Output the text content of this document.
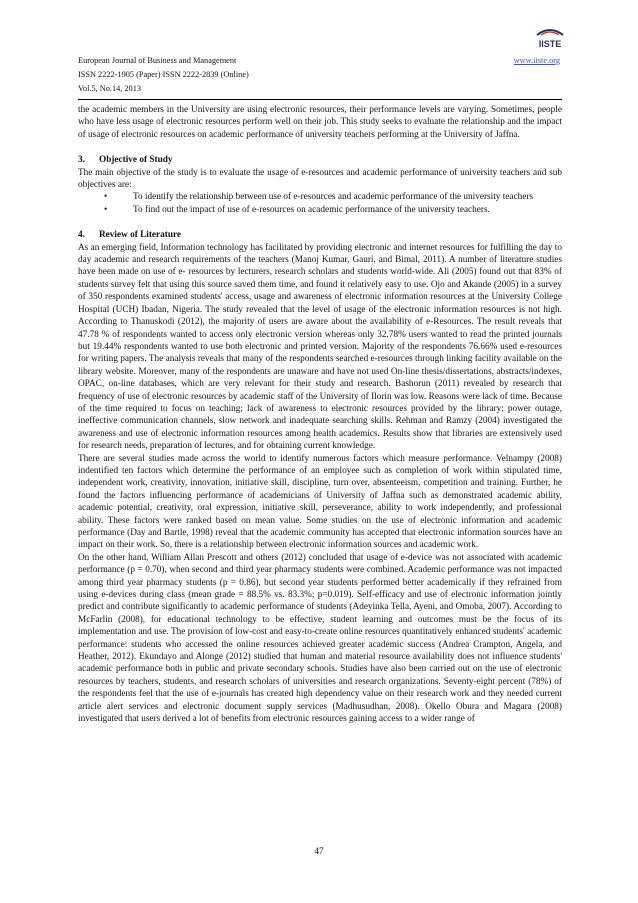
European Journal of Business and Management
ISSN 2222-1905 (Paper) ISSN 2222-2839 (Online)
Vol.5, No.14, 2013
www.iiste.org
IISTE

the academic members in the University are using electronic resources, their performance levels are varying. Sometimes, people who have less usage of electronic resources perform well on their job. This study seeks to evaluate the relationship and the impact of usage of electronic resources on academic performance of university teachers performing at the University of Jaffna.

3. Objective of Study

The main objective of the study is to evaluate the usage of e-resources and academic performance of university teachers and sub objectives are:

•	To identify the relationship between use of e-resources and academic performance of the university teachers
•	To find out the impact of use of e-resources on academic performance of the university teachers.

4. Review of Literature

As an emerging field, Information technology has facilitated by providing electronic and internet resources for fulfilling the day to day academic and research requirements of the teachers (Manoj Kumar, Gauri, and Bimal, 2011). A number of literature studies have been made on use of e- resources by lecturers, research scholars and students world-wide. Ali (2005) found out that 83% of students survey felt that using this source saved them time, and found it relatively easy to use. Ojo and Akande (2005) in a survey of 350 respondents examined students' access, usage and awareness of electronic information resources at the University College Hospital (UCH) Ibadan, Nigeria. The study revealed that the level of usage of the electronic information resources is not high. According to Thanuskodi (2012), the majority of users are aware about the availability of e-Resources. The result reveals that 47.78 % of respondents wanted to access only electronic version whereas only 32.78% users wanted to read the printed journals but 19.44% respondents wanted to use both electronic and printed version. Majority of the respondents 76.66% used e-resources for writing papers. The analysis reveals that many of the respondents searched e-resources through linking facility available on the library website. Moreover, many of the respondents are unaware and have not used On-line thesis/dissertations, abstracts/indexes, OPAC, on-line databases, which are very relevant for their study and research. Bashorun (2011) revealed by research that frequency of use of electronic resources by academic staff of the University of Ilorin was low. Reasons were lack of time. Because of the time required to focus on teaching; lack of awareness to electronic resources provided by the library; power outage, ineffective communication channels, slow network and inadequate searching skills. Rehman and Ramzy (2004) investigated the awareness and use of electronic information resources among health academics. Results show that libraries are extensively used for research needs, preparation of lectures, and for obtaining current knowledge.

There are several studies made across the world to identify numerous factors which measure performance. Velnampy (2008) indentified ten factors which determine the performance of an employee such as completion of work within stipulated time, independent work, creativity, innovation, initiative skill, discipline, turn over, absenteeism, competition and training. Further, he found the factors influencing performance of academicians of University of Jaffna such as demonstrated academic ability, academic potential, creativity, oral expression, initiative skill, perseverance, ability to work independently, and professional ability. These factors were ranked based on mean value. Some studies on the use of electronic information and academic performance (Day and Bartle, 1998) reveal that the academic community has accepted that electronic information sources have an impact on their work. So, there is a relationship between electronic information sources and academic work.

On the other hand, William Allan Prescott and others (2012) concluded that usage of e-device was not associated with academic performance (p = 0.70), when second and third year pharmacy students were combined. Academic performance was not impacted among third year pharmacy students (p = 0.86), but second year students performed better academically if they refrained from using e-devices during class (mean grade = 88.5% vs. 83.3%; p=0.019). Self-efficacy and use of electronic information jointly predict and contribute significantly to academic performance of students (Adeyinka Tella, Ayeni, and Omoba, 2007). According to McFarlin (2008), for educational technology to be effective, student learning and outcomes must be the focus of its implementation and use. The provision of low-cost and easy-to-create online resources quantitatively enhanced students' academic performance: students who accessed the online resources achieved greater academic success (Andrea Crampton, Angela, and Heather, 2012). Ekundayo and Alonge (2012) studied that human and material resource availability does not influence students' academic performance both in public and private secondary schools. Studies have also been carried out on the use of electronic resources by teachers, students, and research scholars of universities and research organizations. Seventy-eight percent (78%) of the respondents feel that the use of e-journals has created high dependency value on their research work and they needed current article alert services and electronic document supply services (Madhusudhan, 2008). Okello Obura and Magara (2008) investigated that users derived a lot of benefits from electronic resources gaining access to a wider range of

47
